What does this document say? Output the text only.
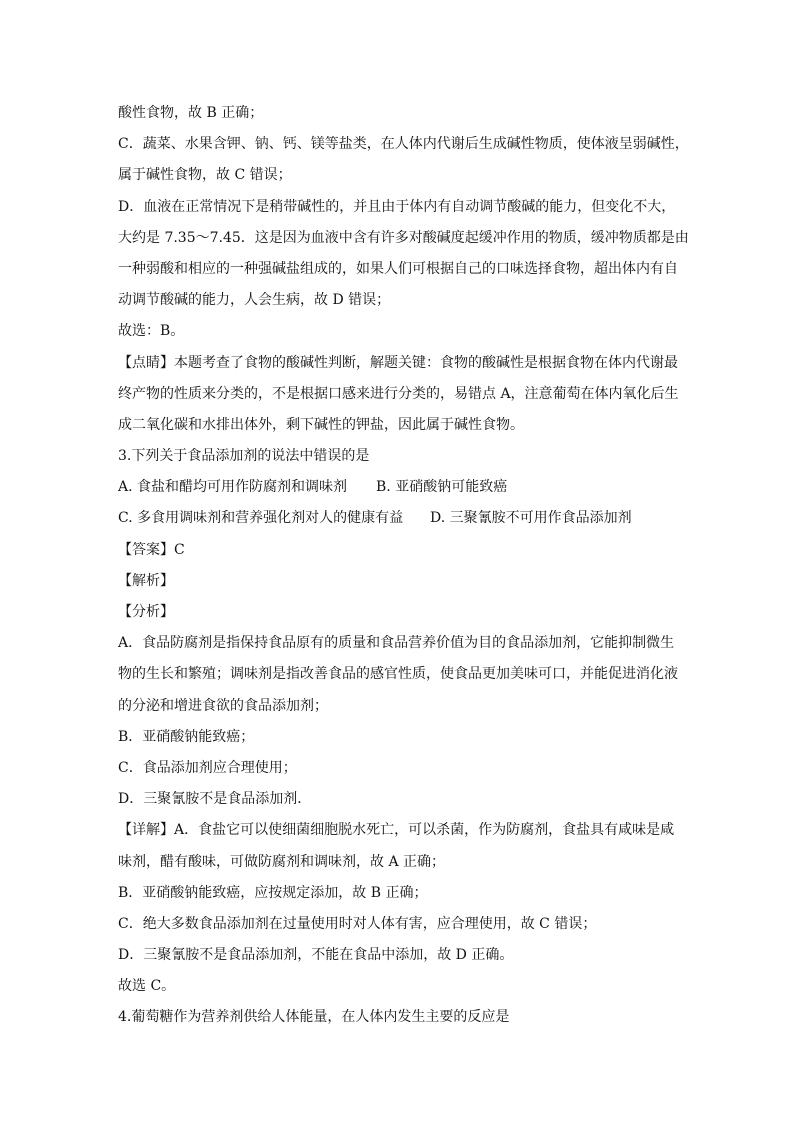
酸性食物，故 B 正确；
C．蔬菜、水果含钾、钠、钙、镁等盐类，在人体内代谢后生成碱性物质，使体液呈弱碱性，
属于碱性食物，故 C 错误；
D．血液在正常情况下是稍带碱性的，并且由于体内有自动调节酸碱的能力，但变化不大，
大约是 7.35～7.45．这是因为血液中含有许多对酸碱度起缓冲作用的物质，缓冲物质都是由
一种弱酸和相应的一种强碱盐组成的，如果人们可根据自己的口味选择食物，超出体内有自
动调节酸碱的能力，人会生病，故 D 错误；
故选：B。
【点睛】本题考查了食物的酸碱性判断，解题关键：食物的酸碱性是根据食物在体内代谢最
终产物的性质来分类的，不是根据口感来进行分类的，易错点 A，注意葡萄在体内氧化后生
成二氧化碳和水排出体外，剩下碱性的钾盐，因此属于碱性食物。
3.下列关于食品添加剂的说法中错误的是
A. 食盐和醋均可用作防腐剂和调味剂	B. 亚硝酸钠可能致癌
C. 多食用调味剂和营养强化剂对人的健康有益	D. 三聚氰胺不可用作食品添加剂
【答案】C
【解析】
【分析】
A．食品防腐剂是指保持食品原有的质量和食品营养价值为目的食品添加剂，它能抑制微生
物的生长和繁殖；调味剂是指改善食品的感官性质，使食品更加美味可口，并能促进消化液
的分泌和增进食欲的食品添加剂；
B．亚硝酸钠能致癌；
C．食品添加剂应合理使用；
D．三聚氰胺不是食品添加剂．
【详解】A．食盐它可以使细菌细胞脱水死亡，可以杀菌，作为防腐剂，食盐具有咸味是咸
味剂，醋有酸味，可做防腐剂和调味剂，故 A 正确；
B．亚硝酸钠能致癌，应按规定添加，故 B 正确；
C．绝大多数食品添加剂在过量使用时对人体有害，应合理使用，故 C 错误；
D．三聚氰胺不是食品添加剂，不能在食品中添加，故 D 正确。
故选 C。
4.葡萄糖作为营养剂供给人体能量，在人体内发生主要的反应是
